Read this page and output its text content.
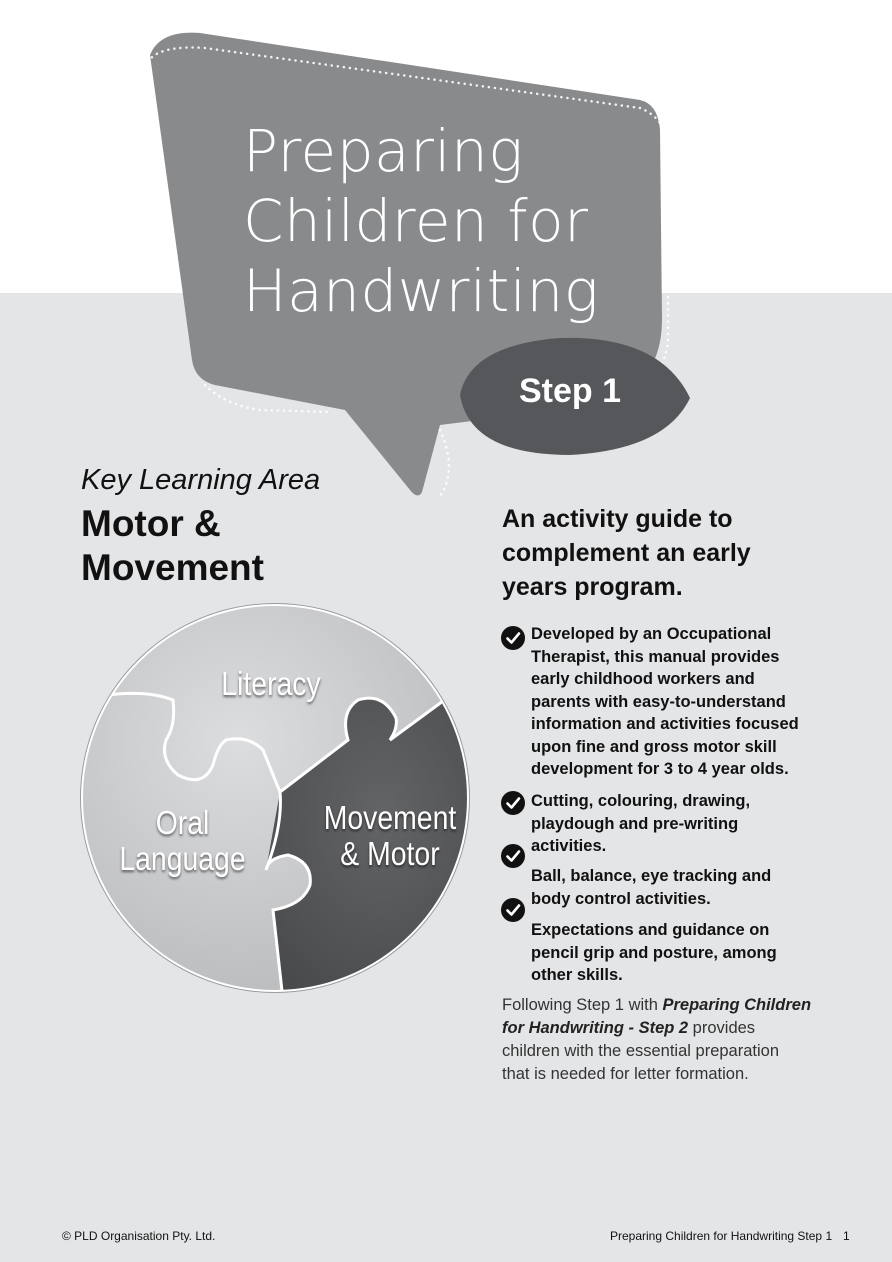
Preparing
Children for
Handwriting
Step 1
Key Learning Area
Motor &
Movement
Literacy
Oral
Language
Movement
& Motor
An activity guide to
complement an early
years program.

Developed by an Occupational
Therapist, this manual provides
early childhood workers and
parents with easy-to-understand
information and activities focused
upon fine and gross motor skill
development for 3 to 4 year olds.

Cutting, colouring, drawing,
playdough and pre-writing
activities.

Ball, balance, eye tracking and
body control activities.

Expectations and guidance on
pencil grip and posture, among
other skills.

Following Step 1 with Preparing Children
for Handwriting - Step 2 provides
children with the essential preparation
that is needed for letter formation.

© PLD Organisation Pty. Ltd.	Preparing Children for Handwriting Step 1 1
